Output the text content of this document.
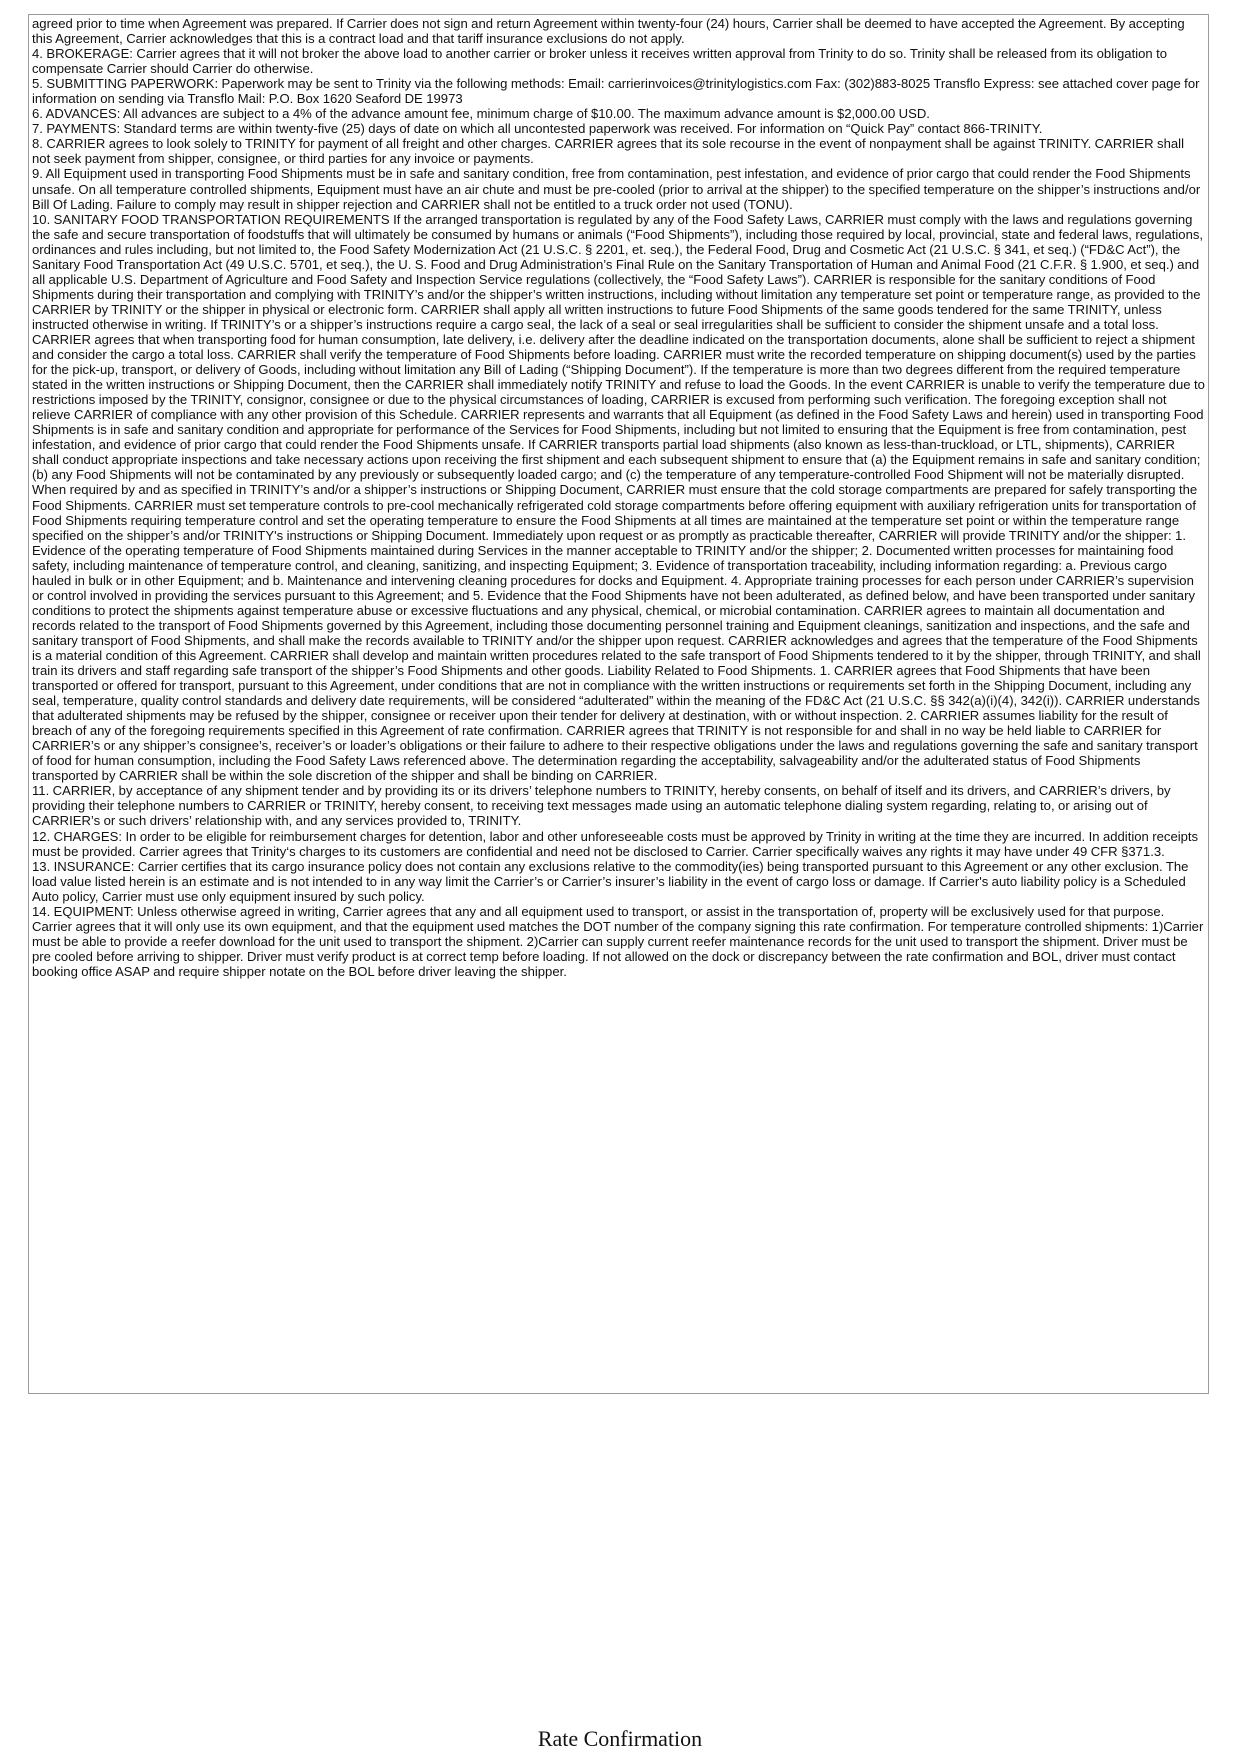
agreed prior to time when Agreement was prepared. If Carrier does not sign and return Agreement within twenty-four (24) hours, Carrier shall be deemed to have accepted the Agreement. By accepting this Agreement, Carrier acknowledges that this is a contract load and that tariff insurance exclusions do not apply.

4. BROKERAGE: Carrier agrees that it will not broker the above load to another carrier or broker unless it receives written approval from Trinity to do so. Trinity shall be released from its obligation to compensate Carrier should Carrier do otherwise.

5. SUBMITTING PAPERWORK: Paperwork may be sent to Trinity via the following methods: Email: carrierinvoices@trinitylogistics.com Fax: (302)883-8025 Transflo Express: see attached cover page for information on sending via Transflo Mail: P.O. Box 1620 Seaford DE 19973

6. ADVANCES: All advances are subject to a 4% of the advance amount fee, minimum charge of $10.00. The maximum advance amount is $2,000.00 USD.

7. PAYMENTS: Standard terms are within twenty-five (25) days of date on which all uncontested paperwork was received. For information on “Quick Pay” contact 866-TRINITY.

8. CARRIER agrees to look solely to TRINITY for payment of all freight and other charges. CARRIER agrees that its sole recourse in the event of nonpayment shall be against TRINITY. CARRIER shall not seek payment from shipper, consignee, or third parties for any invoice or payments.

9. All Equipment used in transporting Food Shipments must be in safe and sanitary condition, free from contamination, pest infestation, and evidence of prior cargo that could render the Food Shipments unsafe. On all temperature controlled shipments, Equipment must have an air chute and must be pre-cooled (prior to arrival at the shipper) to the specified temperature on the shipper’s instructions and/or Bill Of Lading. Failure to comply may result in shipper rejection and CARRIER shall not be entitled to a truck order not used (TONU).

10. SANITARY FOOD TRANSPORTATION REQUIREMENTS If the arranged transportation is regulated by any of the Food Safety Laws, CARRIER must comply with the laws and regulations governing the safe and secure transportation of foodstuffs that will ultimately be consumed by humans or animals (“Food Shipments”), including those required by local, provincial, state and federal laws, regulations, ordinances and rules including, but not limited to, the Food Safety Modernization Act (21 U.S.C. § 2201, et. seq.), the Federal Food, Drug and Cosmetic Act (21 U.S.C. § 341, et seq.) (“FD&C Act”), the Sanitary Food Transportation Act (49 U.S.C. 5701, et seq.), the U. S. Food and Drug Administration’s Final Rule on the Sanitary Transportation of Human and Animal Food (21 C.F.R. § 1.900, et seq.) and all applicable U.S. Department of Agriculture and Food Safety and Inspection Service regulations (collectively, the “Food Safety Laws”). CARRIER is responsible for the sanitary conditions of Food Shipments during their transportation and complying with TRINITY’s and/or the shipper’s written instructions, including without limitation any temperature set point or temperature range, as provided to the CARRIER by TRINITY or the shipper in physical or electronic form. CARRIER shall apply all written instructions to future Food Shipments of the same goods tendered for the same TRINITY, unless instructed otherwise in writing. If TRINITY’s or a shipper’s instructions require a cargo seal, the lack of a seal or seal irregularities shall be sufficient to consider the shipment unsafe and a total loss. CARRIER agrees that when transporting food for human consumption, late delivery, i.e. delivery after the deadline indicated on the transportation documents, alone shall be sufficient to reject a shipment and consider the cargo a total loss. CARRIER shall verify the temperature of Food Shipments before loading. CARRIER must write the recorded temperature on shipping document(s) used by the parties for the pick-up, transport, or delivery of Goods, including without limitation any Bill of Lading (“Shipping Document”). If the temperature is more than two degrees different from the required temperature stated in the written instructions or Shipping Document, then the CARRIER shall immediately notify TRINITY and refuse to load the Goods. In the event CARRIER is unable to verify the temperature due to restrictions imposed by the TRINITY, consignor, consignee or due to the physical circumstances of loading, CARRIER is excused from performing such verification. The foregoing exception shall not relieve CARRIER of compliance with any other provision of this Schedule. CARRIER represents and warrants that all Equipment (as defined in the Food Safety Laws and herein) used in transporting Food Shipments is in safe and sanitary condition and appropriate for performance of the Services for Food Shipments, including but not limited to ensuring that the Equipment is free from contamination, pest infestation, and evidence of prior cargo that could render the Food Shipments unsafe. If CARRIER transports partial load shipments (also known as less-than-truckload, or LTL, shipments), CARRIER shall conduct appropriate inspections and take necessary actions upon receiving the first shipment and each subsequent shipment to ensure that (a) the Equipment remains in safe and sanitary condition; (b) any Food Shipments will not be contaminated by any previously or subsequently loaded cargo; and (c) the temperature of any temperature-controlled Food Shipment will not be materially disrupted. When required by and as specified in TRINITY’s and/or a shipper’s instructions or Shipping Document, CARRIER must ensure that the cold storage compartments are prepared for safely transporting the Food Shipments. CARRIER must set temperature controls to pre-cool mechanically refrigerated cold storage compartments before offering equipment with auxiliary refrigeration units for transportation of Food Shipments requiring temperature control and set the operating temperature to ensure the Food Shipments at all times are maintained at the temperature set point or within the temperature range specified on the shipper’s and/or TRINITY's instructions or Shipping Document. Immediately upon request or as promptly as practicable thereafter, CARRIER will provide TRINITY and/or the shipper: 1. Evidence of the operating temperature of Food Shipments maintained during Services in the manner acceptable to TRINITY and/or the shipper; 2. Documented written processes for maintaining food safety, including maintenance of temperature control, and cleaning, sanitizing, and inspecting Equipment; 3. Evidence of transportation traceability, including information regarding: a. Previous cargo hauled in bulk or in other Equipment; and b. Maintenance and intervening cleaning procedures for docks and Equipment. 4. Appropriate training processes for each person under CARRIER’s supervision or control involved in providing the services pursuant to this Agreement; and 5. Evidence that the Food Shipments have not been adulterated, as defined below, and have been transported under sanitary conditions to protect the shipments against temperature abuse or excessive fluctuations and any physical, chemical, or microbial contamination. CARRIER agrees to maintain all documentation and records related to the transport of Food Shipments governed by this Agreement, including those documenting personnel training and Equipment cleanings, sanitization and inspections, and the safe and sanitary transport of Food Shipments, and shall make the records available to TRINITY and/or the shipper upon request. CARRIER acknowledges and agrees that the temperature of the Food Shipments is a material condition of this Agreement. CARRIER shall develop and maintain written procedures related to the safe transport of Food Shipments tendered to it by the shipper, through TRINITY, and shall train its drivers and staff regarding safe transport of the shipper’s Food Shipments and other goods. Liability Related to Food Shipments. 1. CARRIER agrees that Food Shipments that have been transported or offered for transport, pursuant to this Agreement, under conditions that are not in compliance with the written instructions or requirements set forth in the Shipping Document, including any seal, temperature, quality control standards and delivery date requirements, will be considered “adulterated” within the meaning of the FD&C Act (21 U.S.C. §§ 342(a)(i)(4), 342(i)). CARRIER understands that adulterated shipments may be refused by the shipper, consignee or receiver upon their tender for delivery at destination, with or without inspection. 2. CARRIER assumes liability for the result of breach of any of the foregoing requirements specified in this Agreement of rate confirmation. CARRIER agrees that TRINITY is not responsible for and shall in no way be held liable to CARRIER for CARRIER’s or any shipper’s consignee’s, receiver’s or loader’s obligations or their failure to adhere to their respective obligations under the laws and regulations governing the safe and sanitary transport of food for human consumption, including the Food Safety Laws referenced above. The determination regarding the acceptability, salvageability and/or the adulterated status of Food Shipments transported by CARRIER shall be within the sole discretion of the shipper and shall be binding on CARRIER.

11. CARRIER, by acceptance of any shipment tender and by providing its or its drivers’ telephone numbers to TRINITY, hereby consents, on behalf of itself and its drivers, and CARRIER’s drivers, by providing their telephone numbers to CARRIER or TRINITY, hereby consent, to receiving text messages made using an automatic telephone dialing system regarding, relating to, or arising out of CARRIER’s or such drivers’ relationship with, and any services provided to, TRINITY.

12. CHARGES: In order to be eligible for reimbursement charges for detention, labor and other unforeseeable costs must be approved by Trinity in writing at the time they are incurred. In addition receipts must be provided. Carrier agrees that Trinity‘s charges to its customers are confidential and need not be disclosed to Carrier. Carrier specifically waives any rights it may have under 49 CFR §371.3.

13. INSURANCE: Carrier certifies that its cargo insurance policy does not contain any exclusions relative to the commodity(ies) being transported pursuant to this Agreement or any other exclusion. The load value listed herein is an estimate and is not intended to in any way limit the Carrier’s or Carrier’s insurer’s liability in the event of cargo loss or damage. If Carrier's auto liability policy is a Scheduled Auto policy, Carrier must use only equipment insured by such policy.

14. EQUIPMENT: Unless otherwise agreed in writing, Carrier agrees that any and all equipment used to transport, or assist in the transportation of, property will be exclusively used for that purpose. Carrier agrees that it will only use its own equipment, and that the equipment used matches the DOT number of the company signing this rate confirmation. For temperature controlled shipments: 1)Carrier must be able to provide a reefer download for the unit used to transport the shipment. 2)Carrier can supply current reefer maintenance records for the unit used to transport the shipment. Driver must be pre cooled before arriving to shipper. Driver must verify product is at correct temp before loading. If not allowed on the dock or discrepancy between the rate confirmation and BOL, driver must contact booking office ASAP and require shipper notate on the BOL before driver leaving the shipper.

Rate Confirmation
